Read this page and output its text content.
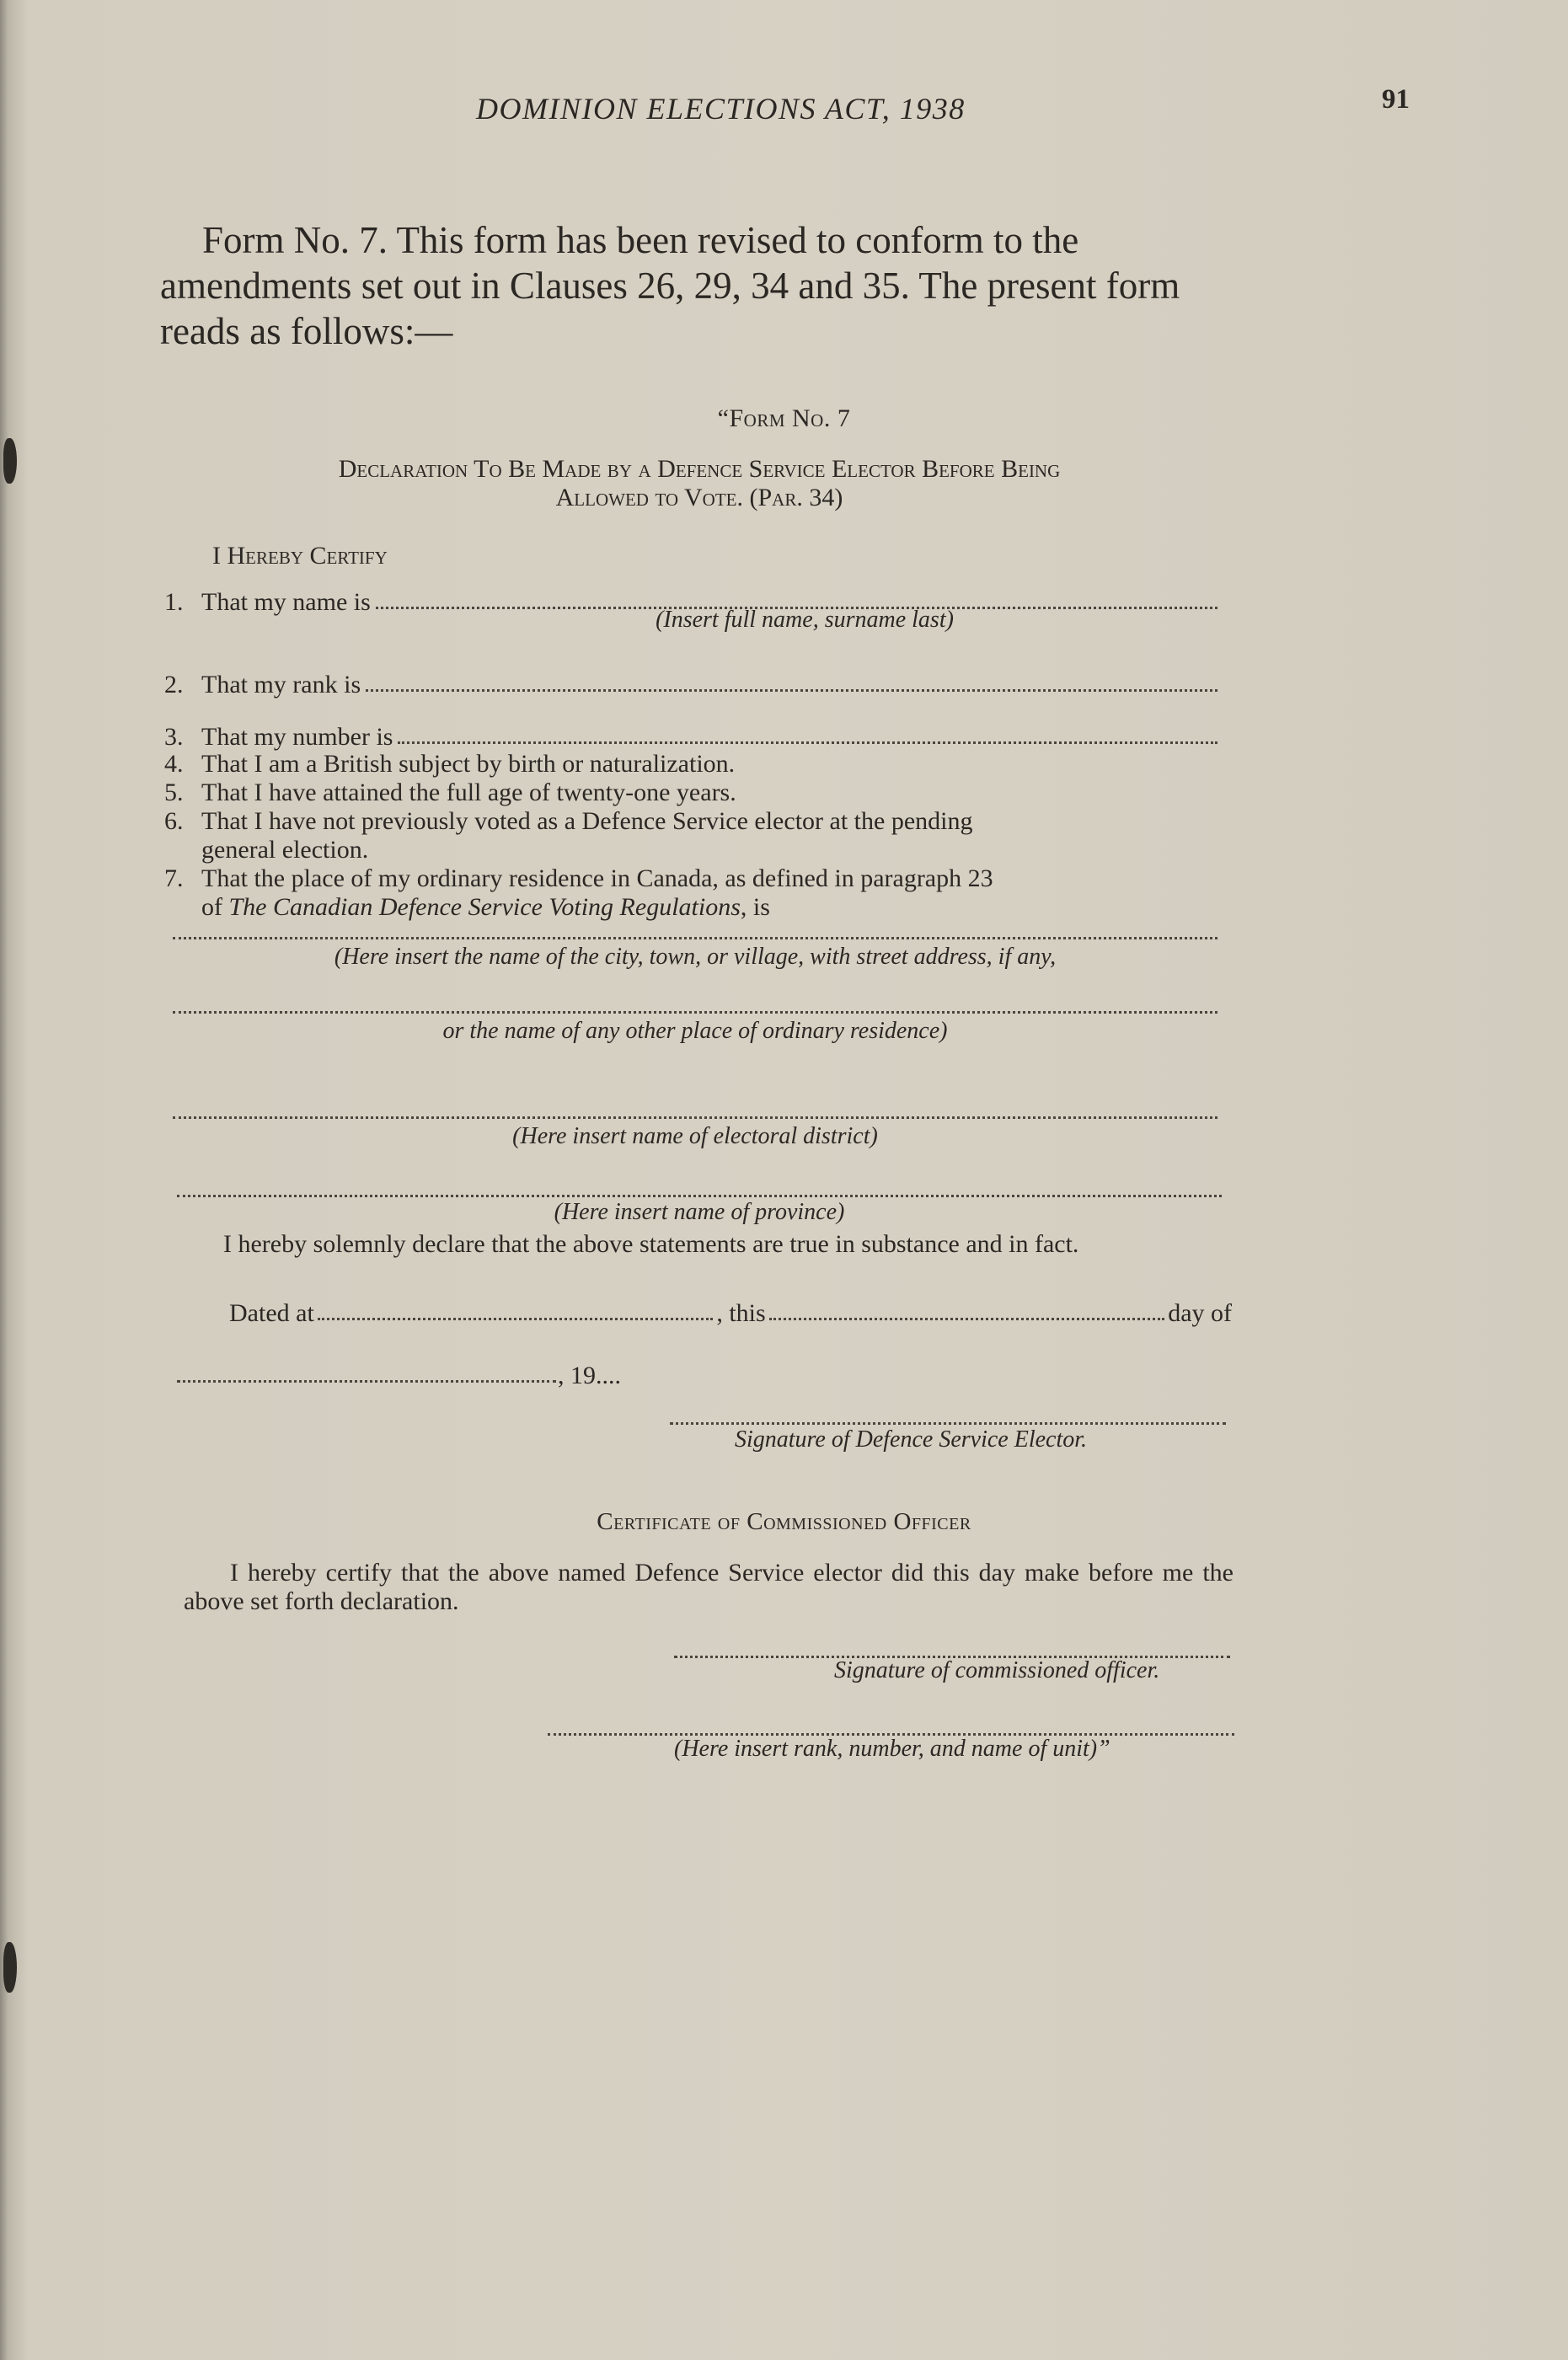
DOMINION ELECTIONS ACT, 1938	91
Form No. 7. This form has been revised to conform to the amendments set out in Clauses 26, 29, 34 and 35. The present form reads as follows:—
“Form No. 7
Declaration To Be Made by a Defence Service Elector Before Being
Allowed to Vote. (Par. 34)
I Hereby Certify
1. That my name is
(Insert full name, surname last)
2. That my rank is
3. That my number is
4. That I am a British subject by birth or naturalization.
5. That I have attained the full age of twenty-one years.
6. That I have not previously voted as a Defence Service elector at the pending
general election.
7. That the place of my ordinary residence in Canada, as defined in paragraph 23
of The Canadian Defence Service Voting Regulations, is
(Here insert the name of the city, town, or village, with street address, if any,
or the name of any other place of ordinary residence)
(Here insert name of electoral district)
(Here insert name of province)
I hereby solemnly declare that the above statements are true in substance and in fact.
Dated at	, this	day of
, 19 ....
Signature of Defence Service Elector.
Certificate of Commissioned Officer
I hereby certify that the above named Defence Service elector did this day make before me the above set forth declaration.
Signature of commissioned officer.
(Here insert rank, number, and name of unit)”
